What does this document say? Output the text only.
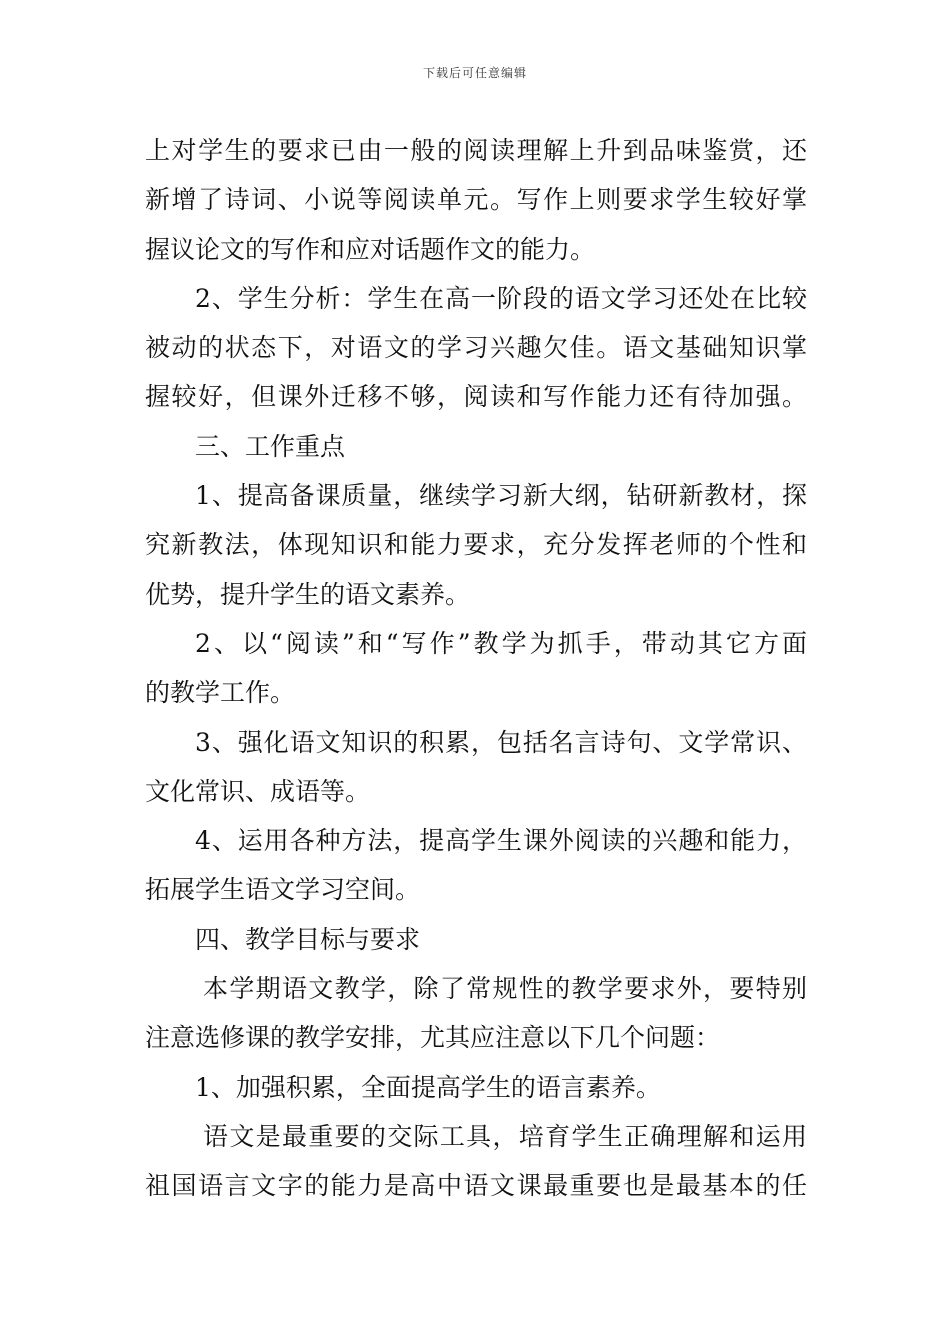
下载后可任意编辑
上对学生的要求已由一般的阅读理解上升到品味鉴赏，还
新增了诗词、小说等阅读单元。写作上则要求学生较好掌
握议论文的写作和应对话题作文的能力。
2、学生分析：学生在高一阶段的语文学习还处在比较
被动的状态下，对语文的学习兴趣欠佳。语文基础知识掌
握较好，但课外迁移不够，阅读和写作能力还有待加强。
三、工作重点
1、提高备课质量，继续学习新大纲，钻研新教材，探
究新教法，体现知识和能力要求，充分发挥老师的个性和
优势，提升学生的语文素养。
2、以“阅读”和“写作”教学为抓手，带动其它方面
的教学工作。
3、强化语文知识的积累，包括名言诗句、文学常识、
文化常识、成语等。
4、运用各种方法，提高学生课外阅读的兴趣和能力，
拓展学生语文学习空间。
四、教学目标与要求
本学期语文教学，除了常规性的教学要求外，要特别
注意选修课的教学安排，尤其应注意以下几个问题：
1、加强积累，全面提高学生的语言素养。
语文是最重要的交际工具，培育学生正确理解和运用
祖国语言文字的能力是高中语文课最重要也是最基本的任
